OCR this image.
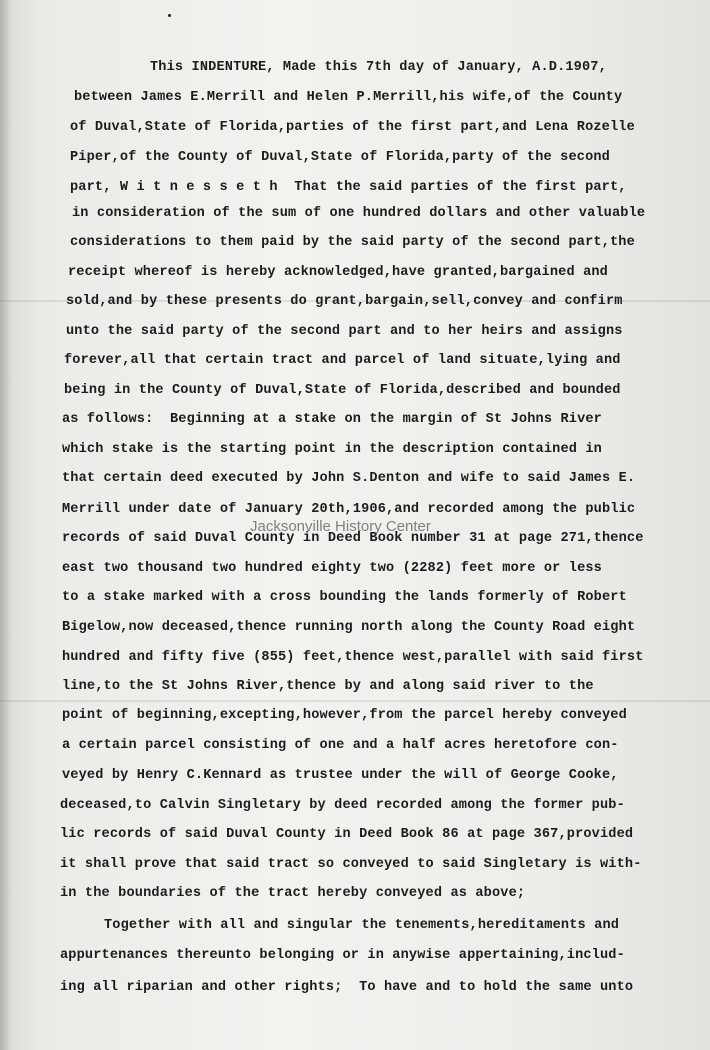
This INDENTURE, Made this 7th day of January, A.D.1907,
between James E.Merrill and Helen P.Merrill,his wife,of the County
of Duval,State of Florida,parties of the first part,and Lena Rozelle
Piper,of the County of Duval,State of Florida,party of the second
part, W i t n e s s e t h  That the said parties of the first part,
in consideration of the sum of one hundred dollars and other valuable
considerations to them paid by the said party of the second part,the
receipt whereof is hereby acknowledged,have granted,bargained and
sold,and by these presents do grant,bargain,sell,convey and confirm
unto the said party of the second part and to her heirs and assigns
forever,all that certain tract and parcel of land situate,lying and
being in the County of Duval,State of Florida,described and bounded
as follows:  Beginning at a stake on the margin of St Johns River
which stake is the starting point in the description contained in
that certain deed executed by John S.Denton and wife to said James E.
Merrill under date of January 20th,1906,and recorded among the public
records of said Duval County in Deed Book number 31 at page 271,thence
east two thousand two hundred eighty two (2282) feet more or less
to a stake marked with a cross bounding the lands formerly of Robert
Bigelow,now deceased,thence running north along the County Road eight
hundred and fifty five (855) feet,thence west,parallel with said first
line,to the St Johns River,thence by and along said river to the
point of beginning,excepting,however,from the parcel hereby conveyed
a certain parcel consisting of one and a half acres heretofore con-
veyed by Henry C.Kennard as trustee under the will of George Cooke,
deceased,to Calvin Singletary by deed recorded among the former pub-
lic records of said Duval County in Deed Book 86 at page 367,provided
it shall prove that said tract so conveyed to said Singletary is with-
in the boundaries of the tract hereby conveyed as above;
Together with all and singular the tenements,hereditaments and
appurtenances thereunto belonging or in anywise appertaining,includ-
ing all riparian and other rights;  To have and to hold the same unto
Jacksonville History Center
